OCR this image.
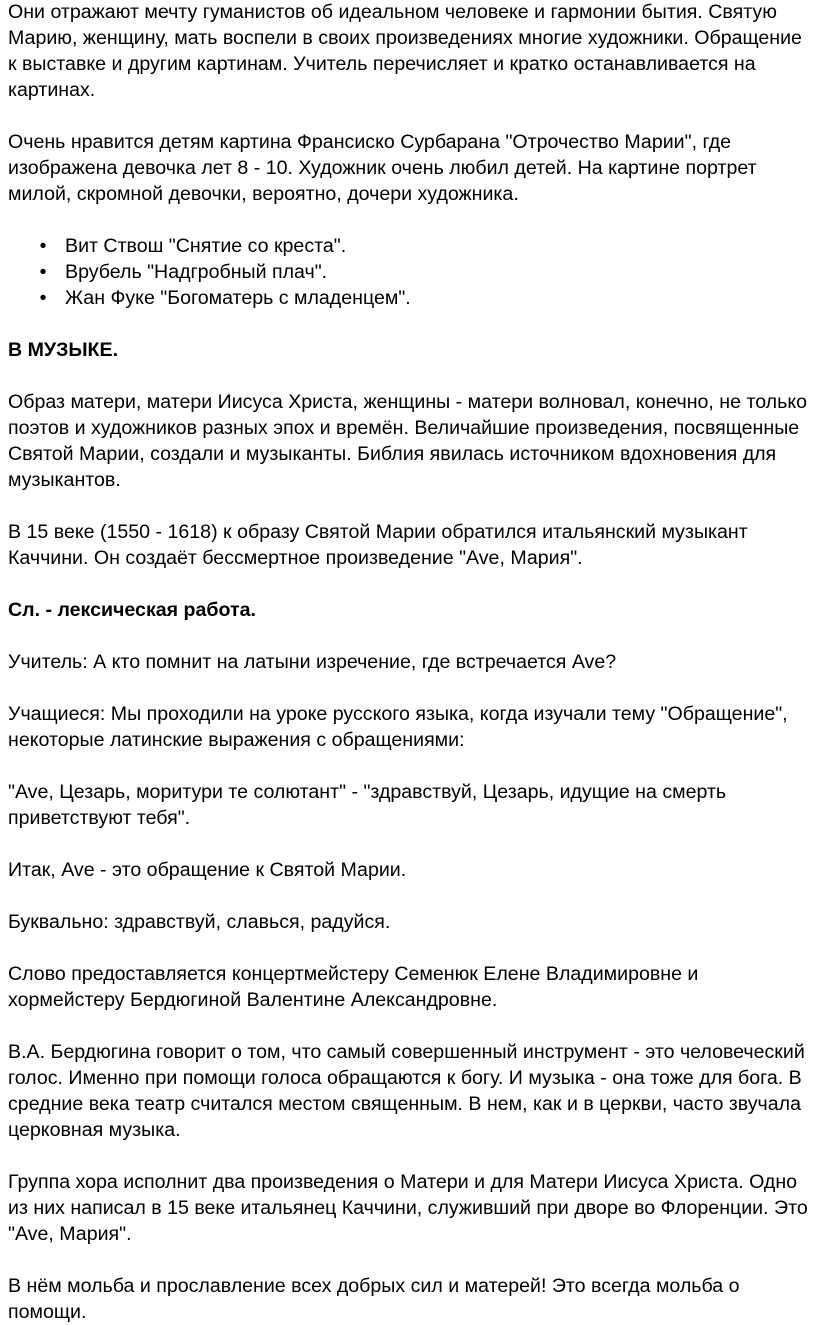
Они отражают мечту гуманистов об идеальном человеке и гармонии бытия. Святую Марию, женщину, мать воспели в своих произведениях многие художники. Обращение к выставке и другим картинам. Учитель перечисляет и кратко останавливается на картинах.

Очень нравится детям картина Франсиско Сурбарана "Отрочество Марии", где изображена девочка лет 8 - 10. Художник очень любил детей. На картине портрет милой, скромной девочки, вероятно, дочери художника.

• Вит Ствош "Снятие со креста".
• Врубель "Надгробный плач".
• Жан Фуке "Богоматерь с младенцем".

В МУЗЫКЕ.

Образ матери, матери Иисуса Христа, женщины - матери волновал, конечно, не только поэтов и художников разных эпох и времён. Величайшие произведения, посвященные Святой Марии, создали и музыканты. Библия явилась источником вдохновения для музыкантов.

В 15 веке (1550 - 1618) к образу Святой Марии обратился итальянский музыкант Каччини. Он создаёт бессмертное произведение "Ave, Мария".

Сл. - лексическая работа.

Учитель: А кто помнит на латыни изречение, где встречается Ave?

Учащиеся: Мы проходили на уроке русского языка, когда изучали тему "Обращение", некоторые латинские выражения с обращениями:

"Ave, Цезарь, моритури те солютант" - "здравствуй, Цезарь, идущие на смерть приветствуют тебя".

Итак, Ave - это обращение к Святой Марии.

Буквально: здравствуй, славься, радуйся.

Слово предоставляется концертмейстеру Семенюк Елене Владимировне и хормейстеру Бердюгиной Валентине Александровне.

В.А. Бердюгина говорит о том, что самый совершенный инструмент - это человеческий голос. Именно при помощи голоса обращаются к богу. И музыка - она тоже для бога. В средние века театр считался местом священным. В нем, как и в церкви, часто звучала церковная музыка.

Группа хора исполнит два произведения о Матери и для Матери Иисуса Христа. Одно из них написал в 15 веке итальянец Каччини, служивший при дворе во Флоренции. Это "Ave, Мария".

В нём мольба и прославление всех добрых сил и матерей! Это всегда мольба о помощи.
